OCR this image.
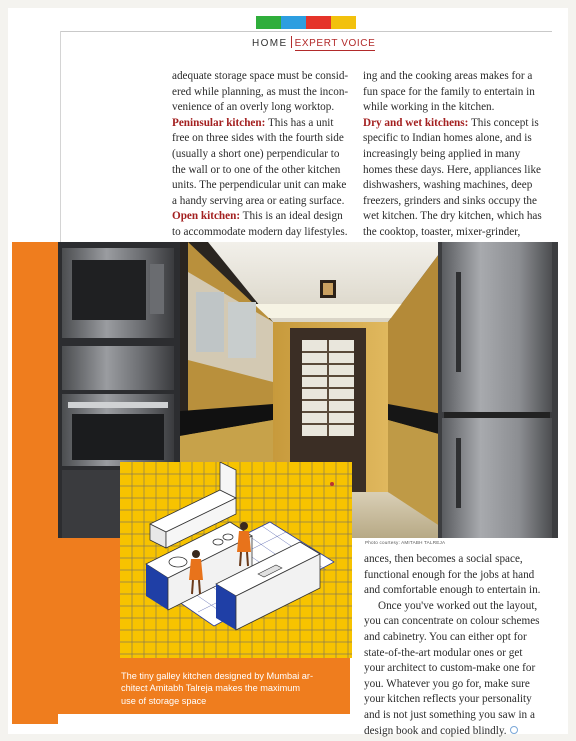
HOME EXPERT VOICE
adequate storage space must be consid-
ered while planning, as must the incon-
venience of an overly long worktop.
Peninsular kitchen: This has a unit
free on three sides with the fourth side
(usually a short one) perpendicular to
the wall or to one of the other kitchen
units. The perpendicular unit can make
a handy serving area or eating surface.
Open kitchen: This is an ideal design
to accommodate modern day lifestyles.
ing and the cooking areas makes for a
fun space for the family to entertain in
while working in the kitchen.
Dry and wet kitchens: This concept is
specific to Indian homes alone, and is
increasingly being applied in many
homes these days. Here, appliances like
dishwashers, washing machines, deep
freezers, grinders and sinks occupy the
wet kitchen. The dry kitchen, which has
the cooktop, toaster, mixer-grinder,
Photo courtesy: AMITABH TALREJA
ances, then becomes a social space,
functional enough for the jobs at hand
and comfortable enough to entertain in.
Once you've worked out the layout,
you can concentrate on colour schemes
and cabinetry. You can either opt for
state-of-the-art modular ones or get
your architect to custom-make one for
you. Whatever you go for, make sure
your kitchen reflects your personality
and is not just something you saw in a
design book and copied blindly.
The tiny galley kitchen designed by Mumbai ar-
chitect Amitabh Talreja makes the maximum
use of storage space
